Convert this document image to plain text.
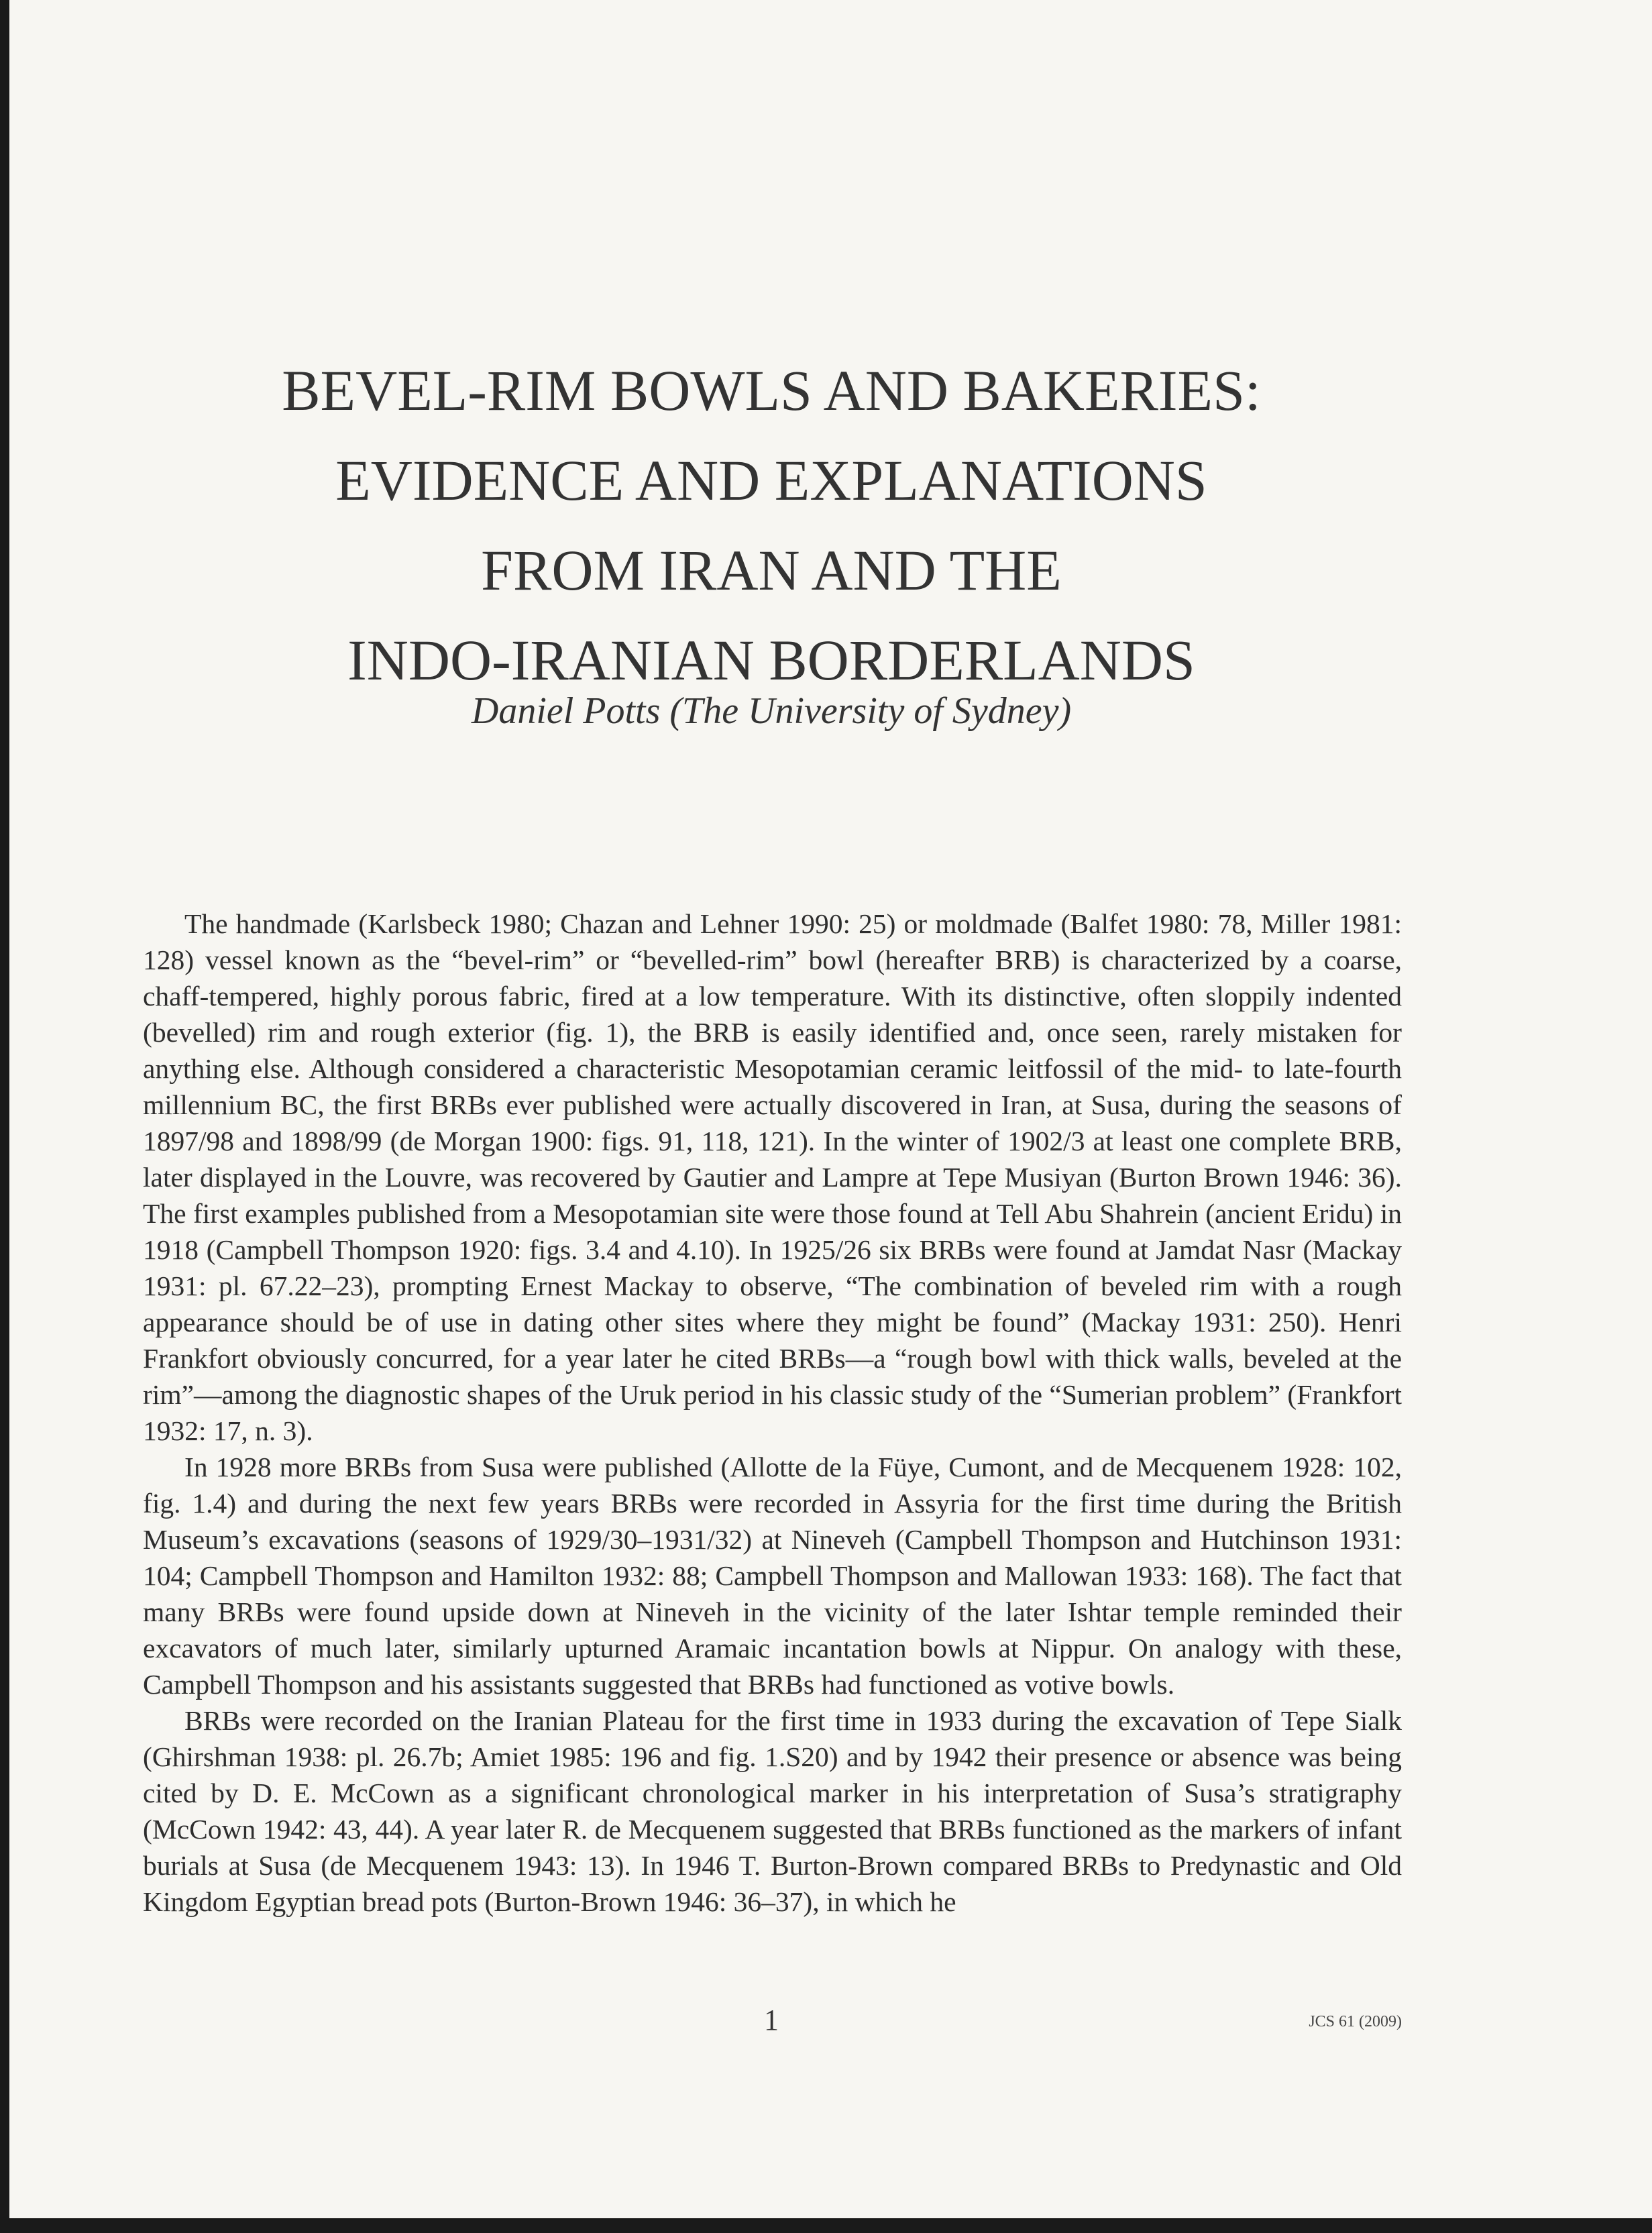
BEVEL-RIM BOWLS AND BAKERIES:
EVIDENCE AND EXPLANATIONS
FROM IRAN AND THE
INDO-IRANIAN BORDERLANDS
Daniel Potts (The University of Sydney)

The handmade (Karlsbeck 1980; Chazan and Lehner 1990: 25) or moldmade (Balfet 1980: 78, Miller 1981: 128) vessel known as the “bevel-rim” or “bevelled-rim” bowl (hereafter BRB) is characterized by a coarse, chaff-tempered, highly porous fabric, fired at a low temperature. With its distinctive, often sloppily indented (bevelled) rim and rough exterior (fig. 1), the BRB is easily identified and, once seen, rarely mistaken for anything else. Although considered a characteristic Mesopotamian ceramic leitfossil of the mid- to late-fourth millennium BC, the first BRBs ever published were actually discovered in Iran, at Susa, during the seasons of 1897/98 and 1898/99 (de Morgan 1900: figs. 91, 118, 121). In the winter of 1902/3 at least one complete BRB, later displayed in the Louvre, was recovered by Gautier and Lampre at Tepe Musiyan (Burton Brown 1946: 36). The first examples published from a Mesopotamian site were those found at Tell Abu Shahrein (ancient Eridu) in 1918 (Campbell Thompson 1920: figs. 3.4 and 4.10). In 1925/26 six BRBs were found at Jamdat Nasr (Mackay 1931: pl. 67.22–23), prompting Ernest Mackay to observe, “The combination of beveled rim with a rough appearance should be of use in dating other sites where they might be found” (Mackay 1931: 250). Henri Frankfort obviously concurred, for a year later he cited BRBs—a “rough bowl with thick walls, beveled at the rim”—among the diagnostic shapes of the Uruk period in his classic study of the “Sumerian problem” (Frankfort 1932: 17, n. 3).

In 1928 more BRBs from Susa were published (Allotte de la Füye, Cumont, and de Mecquenem 1928: 102, fig. 1.4) and during the next few years BRBs were recorded in Assyria for the first time during the British Museum’s excavations (seasons of 1929/30–1931/32) at Nineveh (Campbell Thompson and Hutchinson 1931: 104; Campbell Thompson and Hamilton 1932: 88; Campbell Thompson and Mallowan 1933: 168). The fact that many BRBs were found upside down at Nineveh in the vicinity of the later Ishtar temple reminded their excavators of much later, similarly upturned Aramaic incantation bowls at Nippur. On analogy with these, Campbell Thompson and his assistants suggested that BRBs had functioned as votive bowls.

BRBs were recorded on the Iranian Plateau for the first time in 1933 during the excavation of Tepe Sialk (Ghirshman 1938: pl. 26.7b; Amiet 1985: 196 and fig. 1.S20) and by 1942 their presence or absence was being cited by D. E. McCown as a significant chronological marker in his interpretation of Susa’s stratigraphy (McCown 1942: 43, 44). A year later R. de Mecquenem suggested that BRBs functioned as the markers of infant burials at Susa (de Mecquenem 1943: 13). In 1946 T. Burton-Brown compared BRBs to Predynastic and Old Kingdom Egyptian bread pots (Burton-Brown 1946: 36–37), in which he

1	JCS 61 (2009)
